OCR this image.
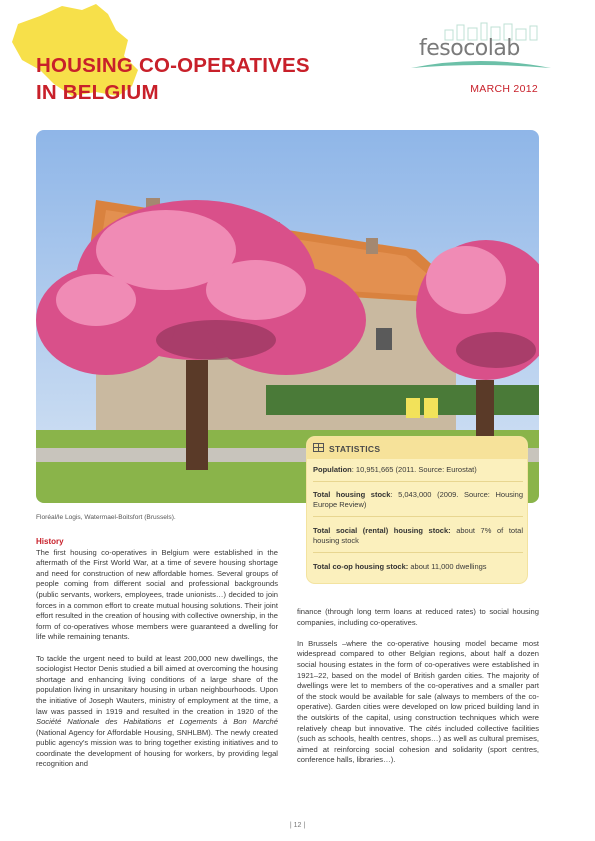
HOUSING CO-OPERATIVES
IN BELGIUM
fesocolab
MARCH 2012
Floréal/le Logis, Watermael-Boitsfort (Brussels).
STATISTICS
Population: 10,951,665 (2011. Source: Eurostat)
Total housing stock: 5,043,000 (2009. Source: Housing Europe Review)
Total social (rental) housing stock: about 7% of total housing stock
Total co-op housing stock: about 11,000 dwellings
History

The first housing co-operatives in Belgium were established in the aftermath of the First World War, at a time of severe housing shortage and need for construction of new affordable homes. Several groups of people coming from different social and professional backgrounds (public servants, workers, employees, trade unionists…) decided to join forces in a common effort to create mutual housing solutions. Their joint effort resulted in the creation of housing with collective ownership, in the form of co-operatives whose members were guaranteed a dwelling for life while remaining tenants.

To tackle the urgent need to build at least 200,000 new dwellings, the sociologist Hector Denis studied a bill aimed at overcoming the housing shortage and enhancing living conditions of a large share of the population living in unsanitary housing in urban neighbourhoods. Upon the initiative of Joseph Wauters, ministry of employment at the time, a law was passed in 1919 and resulted in the creation in 1920 of the Société Nationale des Habitations et Logements à Bon Marché (National Agency for Affordable Housing, SNHLBM). The newly created public agency's mission was to bring together existing initiatives and to coordinate the development of housing for workers, by providing legal recognition and

finance (through long term loans at reduced rates) to social housing companies, including co-operatives.

In Brussels –where the co-operative housing model became most widespread compared to other Belgian regions, about half a dozen social housing estates in the form of co-operatives were established in 1921–22, based on the model of British garden cities. The majority of dwellings were let to members of the co-operatives and a smaller part of the stock would be available for sale (always to members of the co-operative). Garden cities were developed on low priced building land in the outskirts of the capital, using construction techniques which were relatively cheap but innovative. The cités included collective facilities (such as schools, health centres, shops…) as well as cultural premises, aimed at reinforcing social cohesion and solidarity (sport centres, conference halls, libraries…).

| 12 |
